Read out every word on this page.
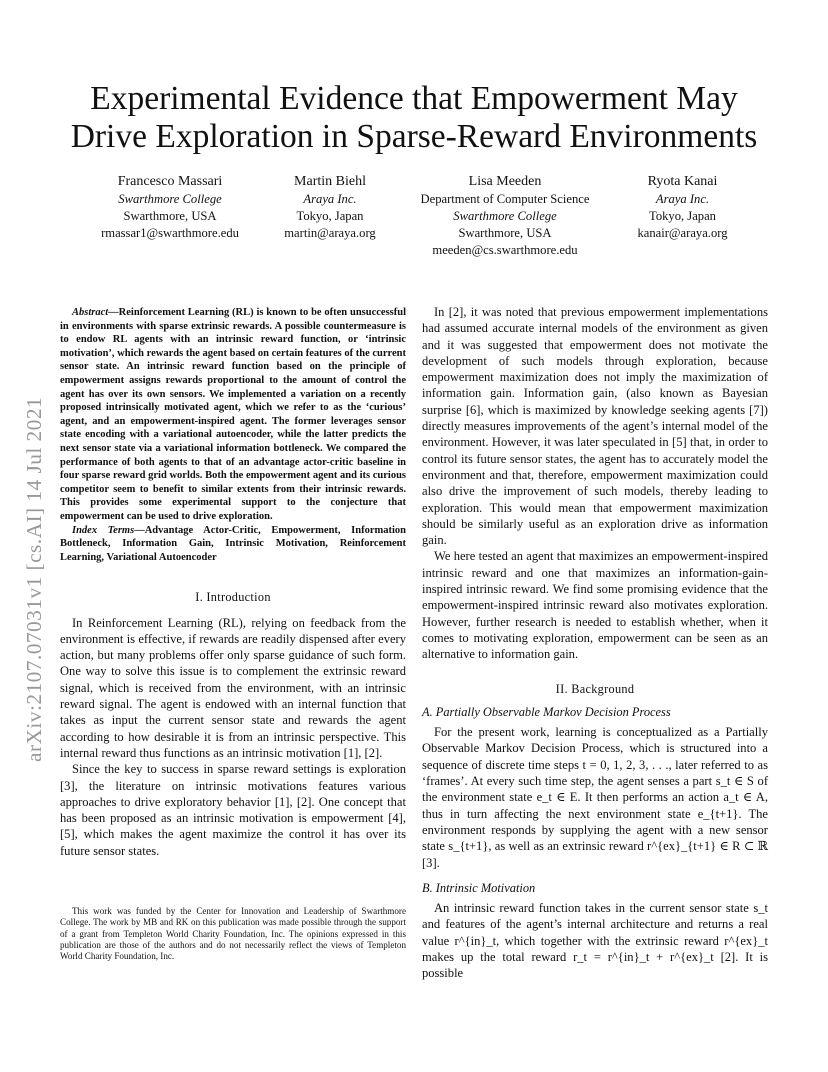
arXiv:2107.07031v1 [cs.AI] 14 Jul 2021
Experimental Evidence that Empowerment May
Drive Exploration in Sparse-Reward Environments
Francesco Massari
Swarthmore College
Swarthmore, USA
rmassar1@swarthmore.edu
Martin Biehl
Araya Inc.
Tokyo, Japan
martin@araya.org
Lisa Meeden
Department of Computer Science
Swarthmore College
Swarthmore, USA
meeden@cs.swarthmore.edu
Ryota Kanai
Araya Inc.
Tokyo, Japan
kanair@araya.org
Abstract—Reinforcement Learning (RL) is known to be often unsuccessful in environments with sparse extrinsic rewards. A possible countermeasure is to endow RL agents with an intrinsic reward function, or ‘intrinsic motivation’, which rewards the agent based on certain features of the current sensor state. An intrinsic reward function based on the principle of empowerment assigns rewards proportional to the amount of control the agent has over its own sensors. We implemented a variation on a recently proposed intrinsically motivated agent, which we refer to as the ‘curious’ agent, and an empowerment-inspired agent. The former leverages sensor state encoding with a variational autoencoder, while the latter predicts the next sensor state via a variational information bottleneck. We compared the performance of both agents to that of an advantage actor-critic baseline in four sparse reward grid worlds. Both the empowerment agent and its curious competitor seem to benefit to similar extents from their intrinsic rewards. This provides some experimental support to the conjecture that empowerment can be used to drive exploration.
Index Terms—Advantage Actor-Critic, Empowerment, Information Bottleneck, Information Gain, Intrinsic Motivation, Reinforcement Learning, Variational Autoencoder
I. Introduction

In Reinforcement Learning (RL), relying on feedback from the environment is effective, if rewards are readily dispensed after every action, but many problems offer only sparse guidance of such form. One way to solve this issue is to complement the extrinsic reward signal, which is received from the environment, with an intrinsic reward signal. The agent is endowed with an internal function that takes as input the current sensor state and rewards the agent according to how desirable it is from an intrinsic perspective. This internal reward thus functions as an intrinsic motivation [1], [2].

Since the key to success in sparse reward settings is exploration [3], the literature on intrinsic motivations features various approaches to drive exploratory behavior [1], [2]. One concept that has been proposed as an intrinsic motivation is empowerment [4], [5], which makes the agent maximize the control it has over its future sensor states.

This work was funded by the Center for Innovation and Leadership of Swarthmore College. The work by MB and RK on this publication was made possible through the support of a grant from Templeton World Charity Foundation, Inc. The opinions expressed in this publication are those of the authors and do not necessarily reflect the views of Templeton World Charity Foundation, Inc.

In [2], it was noted that previous empowerment implementations had assumed accurate internal models of the environment as given and it was suggested that empowerment does not motivate the development of such models through exploration, because empowerment maximization does not imply the maximization of information gain. Information gain, (also known as Bayesian surprise [6], which is maximized by knowledge seeking agents [7]) directly measures improvements of the agent’s internal model of the environment. However, it was later speculated in [5] that, in order to control its future sensor states, the agent has to accurately model the environment and that, therefore, empowerment maximization could also drive the improvement of such models, thereby leading to exploration. This would mean that empowerment maximization should be similarly useful as an exploration drive as information gain.

We here tested an agent that maximizes an empowerment-inspired intrinsic reward and one that maximizes an information-gain-inspired intrinsic reward. We find some promising evidence that the empowerment-inspired intrinsic reward also motivates exploration. However, further research is needed to establish whether, when it comes to motivating exploration, empowerment can be seen as an alternative to information gain.

II. Background
A. Partially Observable Markov Decision Process

For the present work, learning is conceptualized as a Partially Observable Markov Decision Process, which is structured into a sequence of discrete time steps t = 0, 1, 2, 3, . . ., later referred to as ‘frames’. At every such time step, the agent senses a part s_t ∈ S of the environment state e_t ∈ E. It then performs an action a_t ∈ A, thus in turn affecting the next environment state e_{t+1}. The environment responds by supplying the agent with a new sensor state s_{t+1}, as well as an extrinsic reward r^{ex}_{t+1} ∈ R ⊂ ℝ [3].

B. Intrinsic Motivation

An intrinsic reward function takes in the current sensor state s_t and features of the agent’s internal architecture and returns a real value r^{in}_t, which together with the extrinsic reward r^{ex}_t makes up the total reward r_t = r^{in}_t + r^{ex}_t [2]. It is possible
